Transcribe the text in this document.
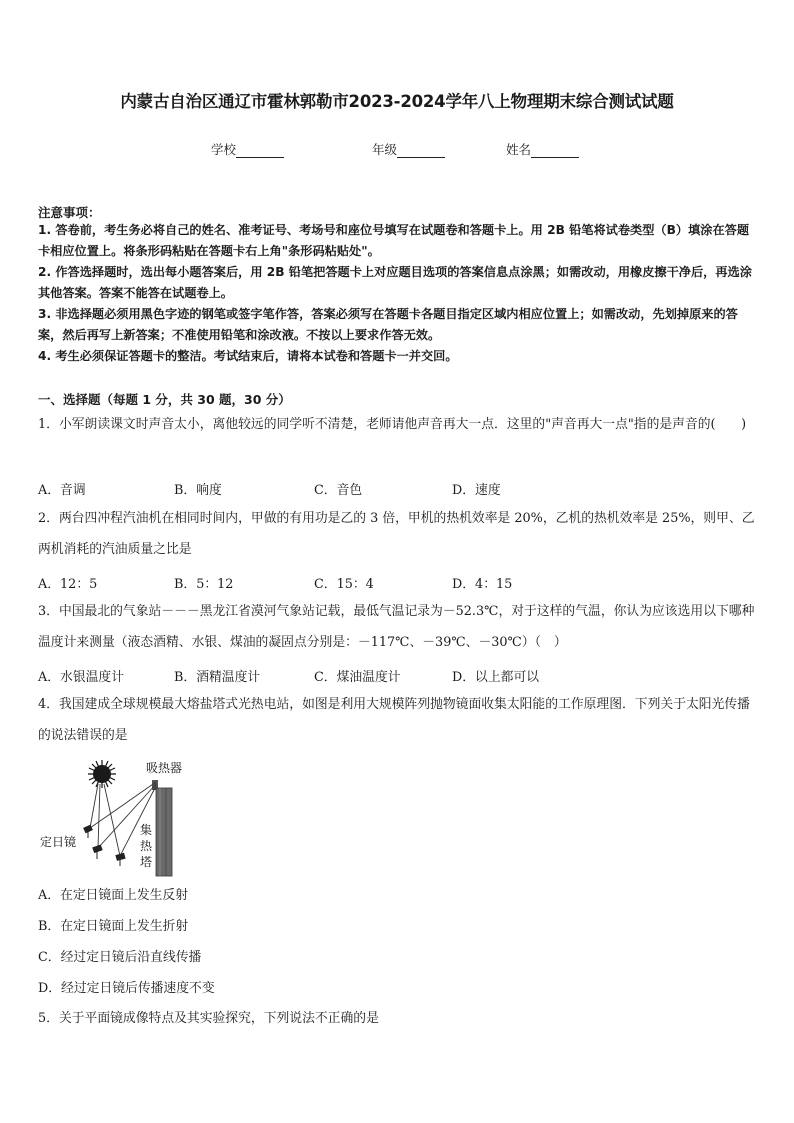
内蒙古自治区通辽市霍林郭勒市2023-2024学年八上物理期末综合测试试题
学校	年级	姓名
注意事项：
1. 答卷前，考生务必将自己的姓名、准考证号、考场号和座位号填写在试题卷和答题卡上。用 2B 铅笔将试卷类型（B）填涂在答题卡相应位置上。将条形码粘贴在答题卡右上角"条形码粘贴处"。
2. 作答选择题时，选出每小题答案后，用 2B 铅笔把答题卡上对应题目选项的答案信息点涂黑；如需改动，用橡皮擦干净后，再选涂其他答案。答案不能答在试题卷上。
3. 非选择题必须用黑色字迹的钢笔或签字笔作答，答案必须写在答题卡各题目指定区域内相应位置上；如需改动，先划掉原来的答案，然后再写上新答案；不准使用铅笔和涂改液。不按以上要求作答无效。
4. 考生必须保证答题卡的整洁。考试结束后，请将本试卷和答题卡一并交回。
一、选择题（每题 1 分，共 30 题，30 分）
1．小军朗读课文时声音太小，离他较远的同学听不清楚，老师请他声音再大一点．这里的"声音再大一点"指的是声音的(　　)
A．音调	B．响度	C．音色	D．速度
2．两台四冲程汽油机在相同时间内，甲做的有用功是乙的 3 倍，甲机的热机效率是 20%，乙机的热机效率是 25%，则甲、乙两机消耗的汽油质量之比是
A．12：5	B．5：12	C．15：4	D．4：15
3．中国最北的气象站－－－黑龙江省漠河气象站记载，最低气温记录为－52.3℃，对于这样的气温，你认为应该选用以下哪种温度计来测量（液态酒精、水银、煤油的凝固点分别是：－117℃、－39℃、－30℃）（　）
A．水银温度计	B．酒精温度计	C．煤油温度计	D．以上都可以
4．我国建成全球规模最大熔盐塔式光热电站，如图是利用大规模阵列抛物镜面收集太阳能的工作原理图．下列关于太阳光传播的说法错误的是
吸热器
定日镜
集
热
塔
A．在定日镜面上发生反射
B．在定日镜面上发生折射
C．经过定日镜后沿直线传播
D．经过定日镜后传播速度不变
5．关于平面镜成像特点及其实验探究，下列说法不正确的是
